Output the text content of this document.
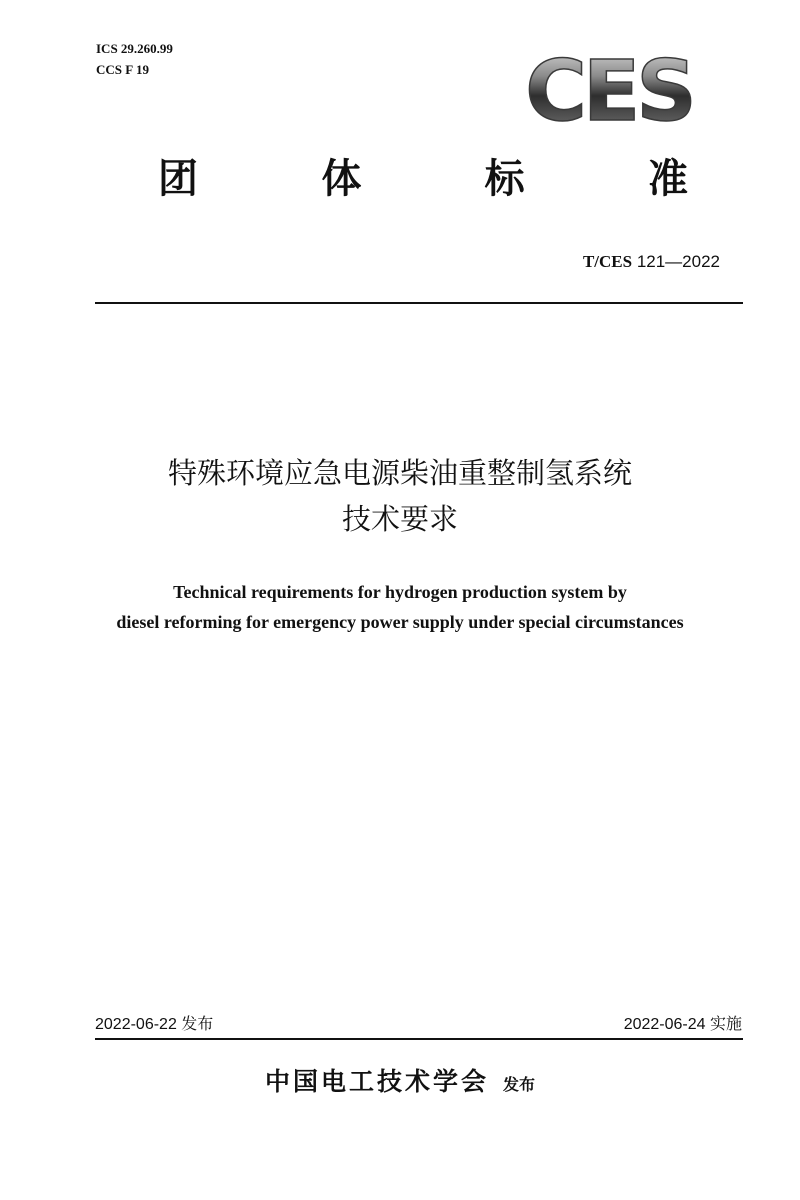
ICS 29.260.99
CCS F 19	CES
团	体	标	准
T/CES 121—2022
特殊环境应急电源柴油重整制氢系统
技术要求
Technical requirements for hydrogen production system by
diesel reforming for emergency power supply under special circumstances
2022-06-22 发布	2022-06-24 实施
中国电工技术学会 发布
